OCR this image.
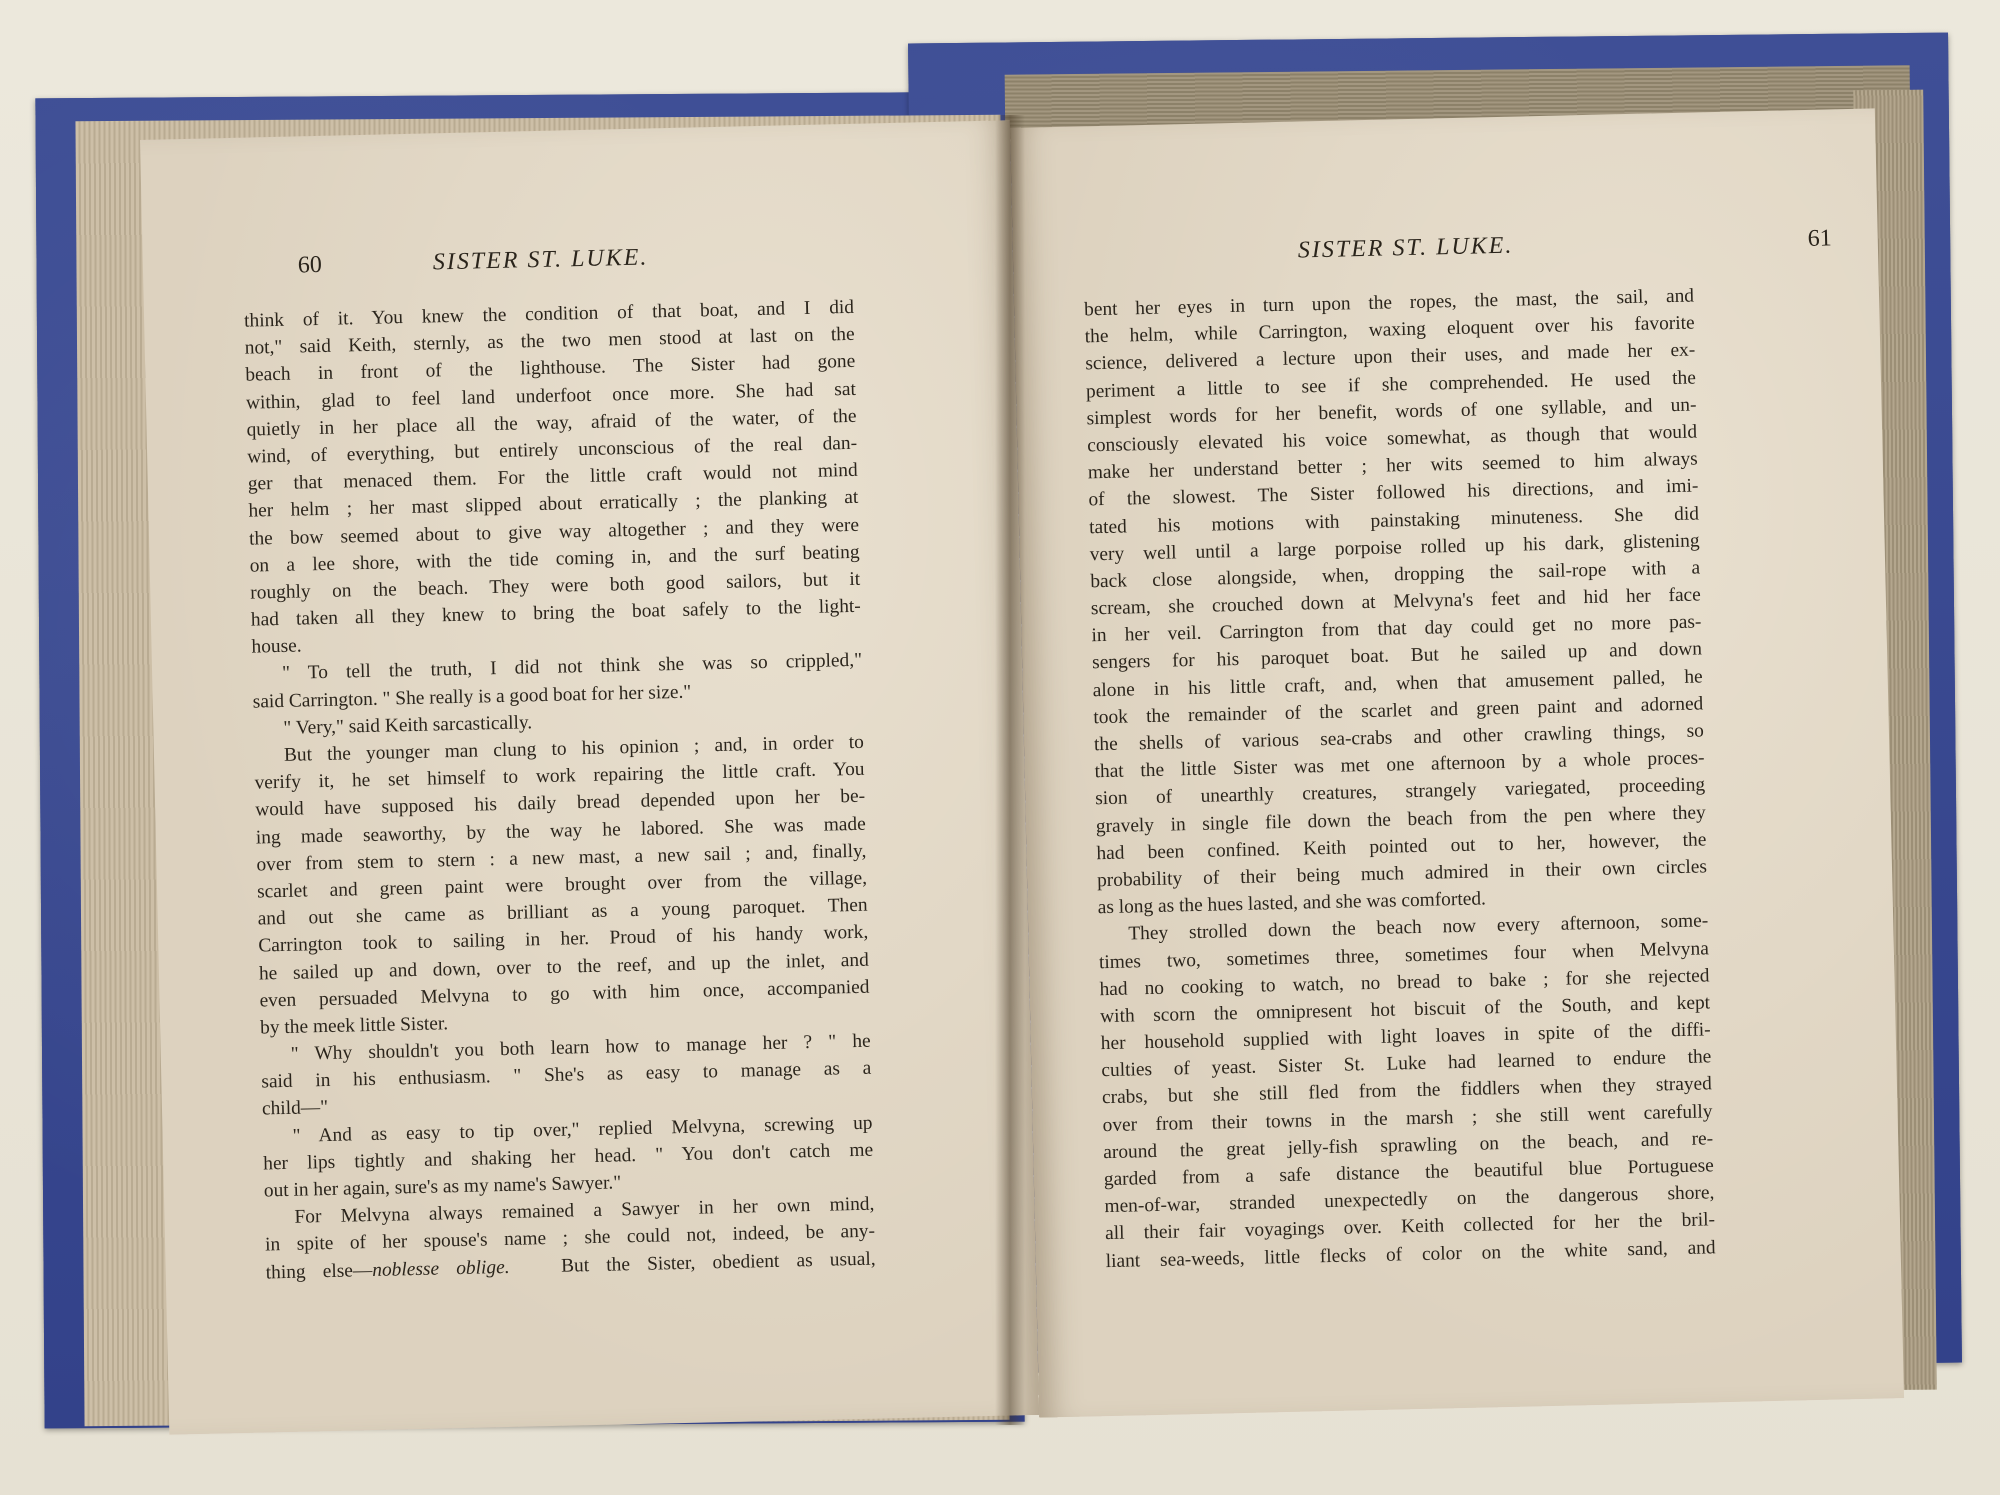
60	SISTER ST. LUKE.
think of it. You knew the condition of that boat, and I did
not," said Keith, sternly, as the two men stood at last on the
beach in front of the lighthouse. The Sister had gone
within, glad to feel land underfoot once more. She had sat
quietly in her place all the way, afraid of the water, of the
wind, of everything, but entirely unconscious of the real dan-
ger that menaced them. For the little craft would not mind
her helm ; her mast slipped about erratically ; the planking at
the bow seemed about to give way altogether ; and they were
on a lee shore, with the tide coming in, and the surf beating
roughly on the beach. They were both good sailors, but it
had taken all they knew to bring the boat safely to the light-
house.
" To tell the truth, I did not think she was so crippled,"
said Carrington. " She really is a good boat for her size."
" Very," said Keith sarcastically.
But the younger man clung to his opinion ; and, in order to
verify it, he set himself to work repairing the little craft. You
would have supposed his daily bread depended upon her be-
ing made seaworthy, by the way he labored. She was made
over from stem to stern : a new mast, a new sail ; and, finally,
scarlet and green paint were brought over from the village,
and out she came as brilliant as a young paroquet. Then
Carrington took to sailing in her. Proud of his handy work,
he sailed up and down, over to the reef, and up the inlet, and
even persuaded Melvyna to go with him once, accompanied
by the meek little Sister.
" Why shouldn't you both learn how to manage her ? " he
said in his enthusiasm. " She's as easy to manage as a
child—"
" And as easy to tip over," replied Melvyna, screwing up
her lips tightly and shaking her head. " You don't catch me
out in her again, sure's as my name's Sawyer."
For Melvyna always remained a Sawyer in her own mind,
in spite of her spouse's name ; she could not, indeed, be any-
thing else—noblesse oblige.	But the Sister, obedient as usual,
SISTER ST. LUKE.	61
bent her eyes in turn upon the ropes, the mast, the sail, and
the helm, while Carrington, waxing eloquent over his favorite
science, delivered a lecture upon their uses, and made her ex-
periment a little to see if she comprehended. He used the
simplest words for her benefit, words of one syllable, and un-
consciously elevated his voice somewhat, as though that would
make her understand better ; her wits seemed to him always
of the slowest. The Sister followed his directions, and imi-
tated his motions with painstaking minuteness. She did
very well until a large porpoise rolled up his dark, glistening
back close alongside, when, dropping the sail-rope with a
scream, she crouched down at Melvyna's feet and hid her face
in her veil. Carrington from that day could get no more pas-
sengers for his paroquet boat. But he sailed up and down
alone in his little craft, and, when that amusement palled, he
took the remainder of the scarlet and green paint and adorned
the shells of various sea-crabs and other crawling things, so
that the little Sister was met one afternoon by a whole proces-
sion of unearthly creatures, strangely variegated, proceeding
gravely in single file down the beach from the pen where they
had been confined. Keith pointed out to her, however, the
probability of their being much admired in their own circles
as long as the hues lasted, and she was comforted.
They strolled down the beach now every afternoon, some-
times two, sometimes three, sometimes four when Melvyna
had no cooking to watch, no bread to bake ; for she rejected
with scorn the omnipresent hot biscuit of the South, and kept
her household supplied with light loaves in spite of the diffi-
culties of yeast. Sister St. Luke had learned to endure the
crabs, but she still fled from the fiddlers when they strayed
over from their towns in the marsh ; she still went carefully
around the great jelly-fish sprawling on the beach, and re-
garded from a safe distance the beautiful blue Portuguese
men-of-war, stranded unexpectedly on the dangerous shore,
all their fair voyagings over. Keith collected for her the bril-
liant sea-weeds, little flecks of color on the white sand, and
